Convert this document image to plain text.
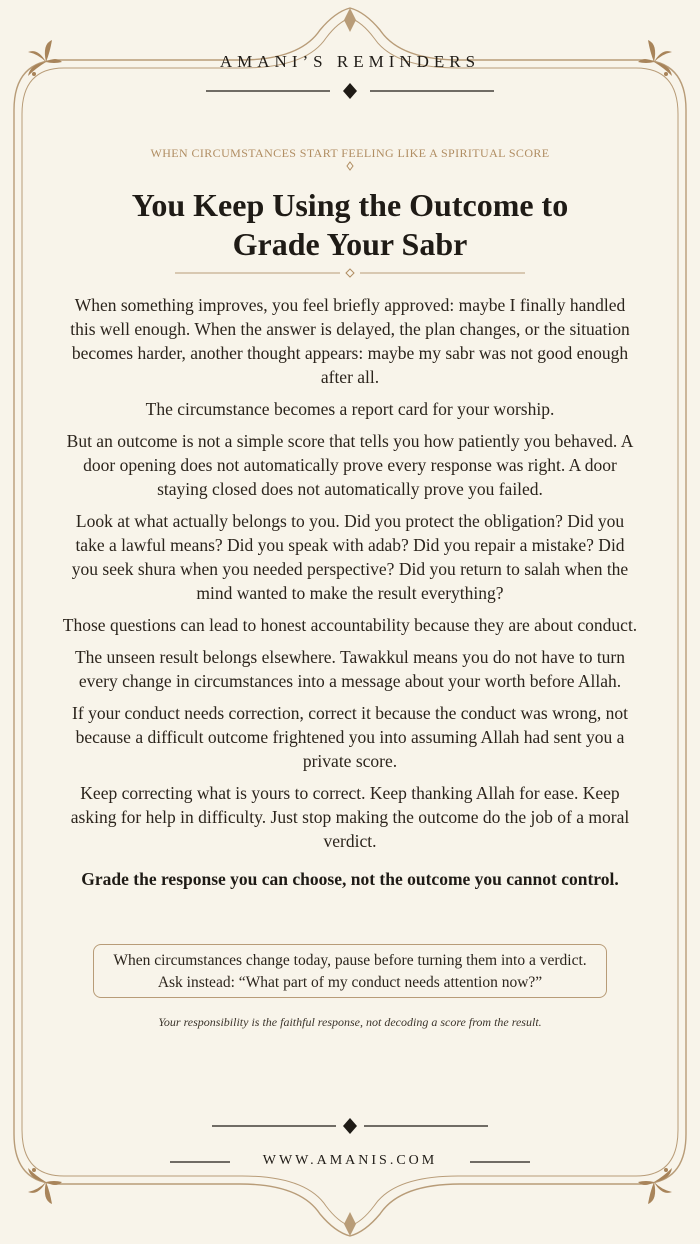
AMANI’S REMINDERS
WHEN CIRCUMSTANCES START FEELING LIKE A SPIRITUAL SCORE
You Keep Using the Outcome to
Grade Your Sabr

When something improves, you feel briefly approved: maybe I finally handled this well enough. When the answer is delayed, the plan changes, or the situation becomes harder, another thought appears: maybe my sabr was not good enough after all.

The circumstance becomes a report card for your worship.

But an outcome is not a simple score that tells you how patiently you behaved. A door opening does not automatically prove every response was right. A door staying closed does not automatically prove you failed.

Look at what actually belongs to you. Did you protect the obligation? Did you take a lawful means? Did you speak with adab? Did you repair a mistake? Did you seek shura when you needed perspective? Did you return to salah when the mind wanted to make the result everything?

Those questions can lead to honest accountability because they are about conduct.

The unseen result belongs elsewhere. Tawakkul means you do not have to turn every change in circumstances into a message about your worth before Allah.

If your conduct needs correction, correct it because the conduct was wrong, not because a difficult outcome frightened you into assuming Allah had sent you a private score.

Keep correcting what is yours to correct. Keep thanking Allah for ease. Keep asking for help in difficulty. Just stop making the outcome do the job of a moral verdict.

Grade the response you can choose, not the outcome you cannot control.

When circumstances change today, pause before turning them into a verdict. Ask instead: “What part of my conduct needs attention now?”
Your responsibility is the faithful response, not decoding a score from the result.
WWW.AMANIS.COM
